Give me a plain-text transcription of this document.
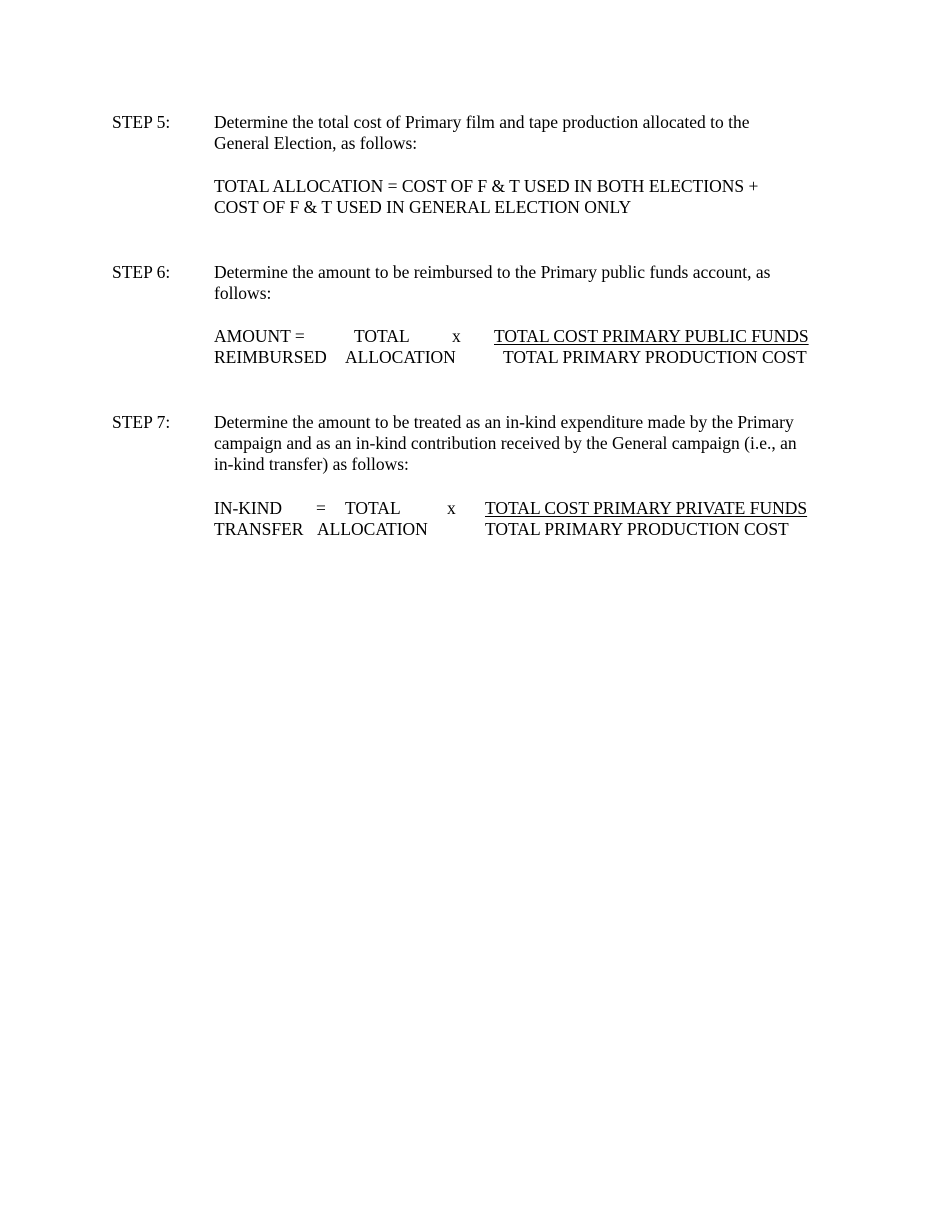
STEP 5:	Determine the total cost of Primary film and tape production allocated to the
General Election, as follows:
TOTAL ALLOCATION = COST OF F & T USED IN BOTH ELECTIONS +
COST OF F & T USED IN GENERAL ELECTION ONLY
STEP 6:	Determine the amount to be reimbursed to the Primary public funds account, as
follows:
AMOUNT =
REIMBURSED
TOTAL
ALLOCATION
x TOTAL COST PRIMARY PUBLIC FUNDS
TOTAL PRIMARY PRODUCTION COST
STEP 7:	Determine the amount to be treated as an in-kind expenditure made by the Primary
campaign and as an in-kind contribution received by the General campaign (i.e., an
in-kind transfer) as follows:
IN-KIND =
TRANSFER
TOTAL
ALLOCATION
x TOTAL COST PRIMARY PRIVATE FUNDS
TOTAL PRIMARY PRODUCTION COST
